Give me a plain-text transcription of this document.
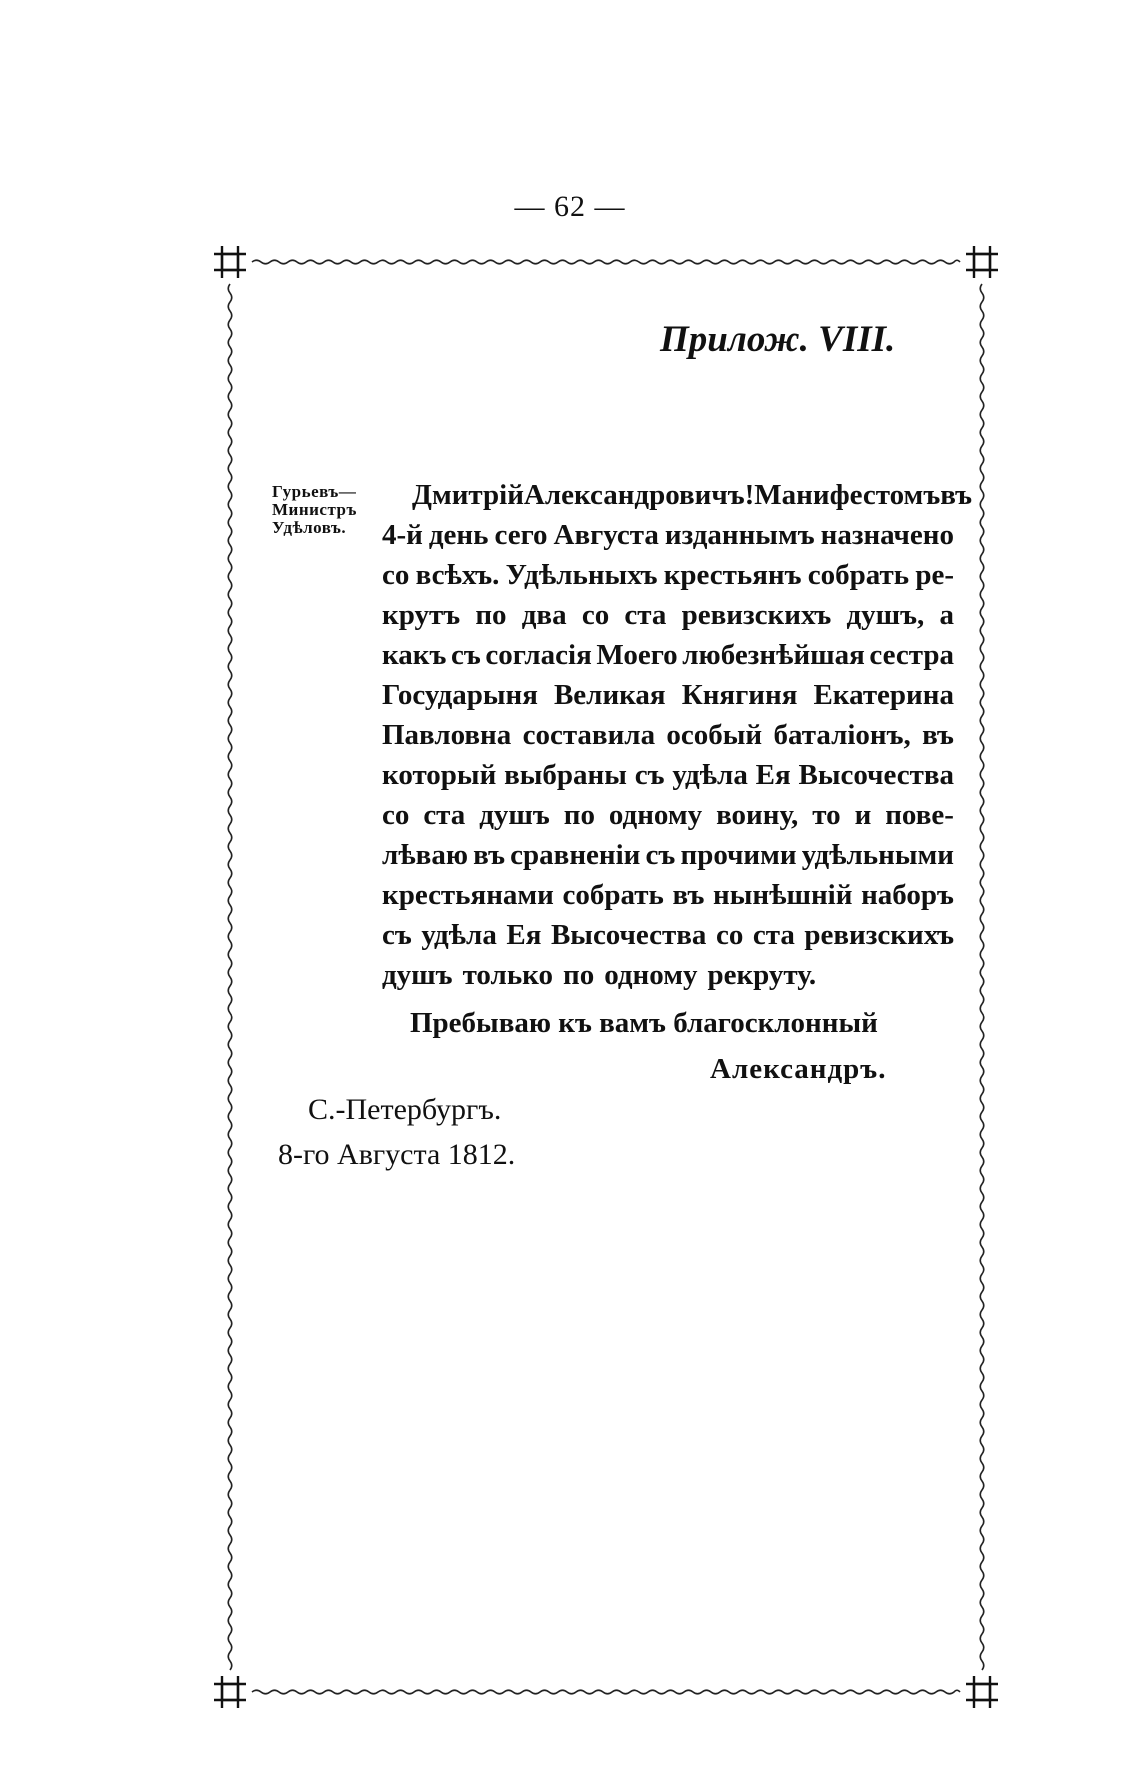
— 62 —
Прилож. VIII.
Гурьевъ—
Министръ
Удѣловъ.
Дмитрій Александровичъ! Манифестомъ въ
4-й день сего Августа изданнымъ назначено
со всѣхъ. Удѣльныхъ крестьянъ собрать ре-
крутъ по два со ста ревизскихъ душъ, а
какъ съ согласія Моего любезнѣйшая сестра
Государыня Великая Княгиня Екатерина
Павловна составила особый баталіонъ, въ
который выбраны съ удѣла Ея Высочества
со ста душъ по одному воину, то и пове-
лѣваю въ сравненіи съ прочими удѣльными
крестьянами собрать въ нынѣшній наборъ
съ удѣла Ея Высочества со ста ревизскихъ
душъ только по одному рекруту.
Пребываю къ вамъ благосклонный
Александръ.
С.-Петербургъ.
8-го Августа 1812.
